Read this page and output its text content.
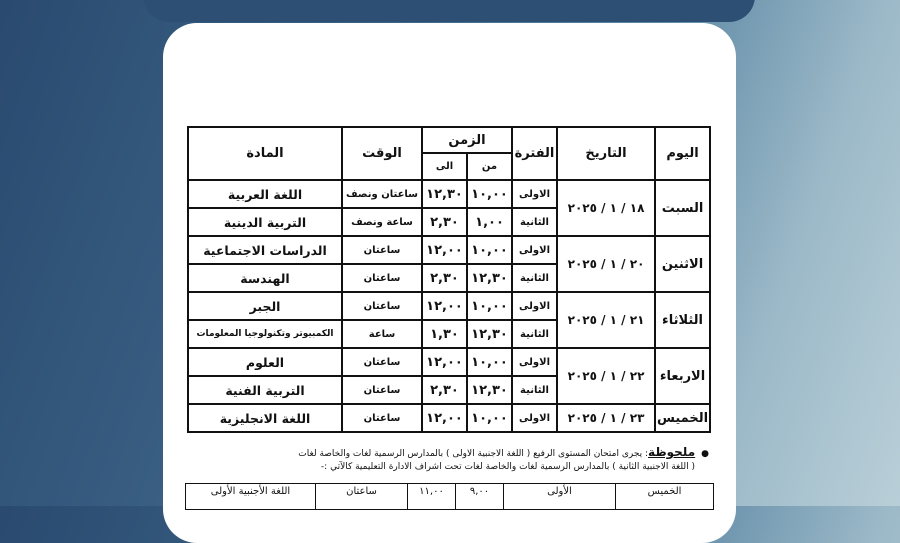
اليوم	التاريخ	الفترة	الزمن		الوقت	المادة
			من	الى		
السبت	١٨ / ١ / ٢٠٢٥	الاولى	١٠,٠٠	١٢,٣٠	ساعتان ونصف	اللغة العربية
		الثانية	١,٠٠	٢,٣٠	ساعة ونصف	التربية الدينية
الاثنين	٢٠ / ١ / ٢٠٢٥	الاولى	١٠,٠٠	١٢,٠٠	ساعتان	الدراسات الاجتماعية
		الثانية	١٢,٣٠	٢,٣٠	ساعتان	الهندسة
الثلاثاء	٢١ / ١ / ٢٠٢٥	الاولى	١٠,٠٠	١٢,٠٠	ساعتان	الجبر
		الثانية	١٢,٣٠	١,٣٠	ساعة	الكمبيوتر وتكنولوجيا المعلومات
الاربعاء	٢٢ / ١ / ٢٠٢٥	الاولى	١٠,٠٠	١٢,٠٠	ساعتان	العلوم
		الثانية	١٢,٣٠	٢,٣٠	ساعتان	التربية الفنية
الخميس	٢٣ / ١ / ٢٠٢٥	الاولى	١٠,٠٠	١٢,٠٠	ساعتان	اللغة الانجليزية
●ملحوظة: يجرى امتحان المستوى الرفيع ( اللغة الاجنبية الاولى ) بالمدارس الرسمية لغات والخاصة لغات
( اللغة الاجنبية الثانية ) بالمدارس الرسمية لغات والخاصة لغات تحت اشراف الادارة التعليمية كالآتي :-
الخميس	الأولى	٩,٠٠	١١,٠٠	ساعتان	اللغة الأجنبية الأولى
